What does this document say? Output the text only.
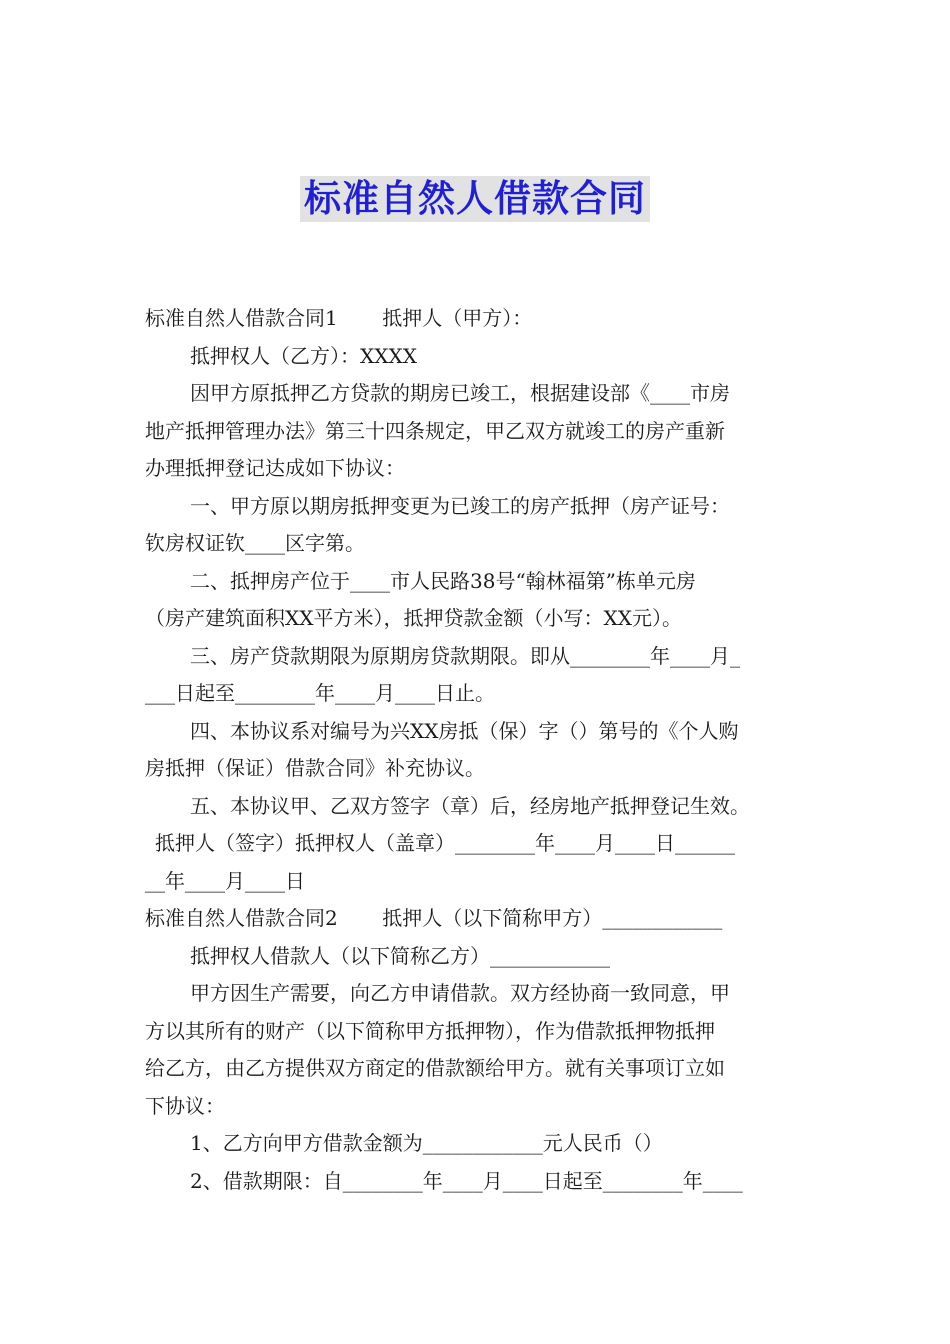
标准自然人借款合同
标准自然人借款合同1       抵押人（甲方）：
抵押权人（乙方）：XXXX
因甲方原抵押乙方贷款的期房已竣工，根据建设部《____市房
地产抵押管理办法》第三十四条规定，甲乙双方就竣工的房产重新
办理抵押登记达成如下协议：
一、甲方原以期房抵押变更为已竣工的房产抵押（房产证号：
钦房权证钦____区字第。
二、抵押房产位于____市人民路38号“翰林福第”栋单元房
（房产建筑面积XX平方米），抵押贷款金额（小写：XX元）。
三、房产贷款期限为原期房贷款期限。即从________年____月_
___日起至________年____月____日止。
四、本协议系对编号为兴XX房抵（保）字（）第号的《个人购
房抵押（保证）借款合同》补充协议。
五、本协议甲、乙双方签字（章）后，经房地产抵押登记生效。
抵押人（签字）抵押权人（盖章）________年____月____日______
__年____月____日
标准自然人借款合同2       抵押人（以下简称甲方）____________
抵押权人借款人（以下简称乙方）____________
甲方因生产需要，向乙方申请借款。双方经协商一致同意，甲
方以其所有的财产（以下简称甲方抵押物），作为借款抵押物抵押
给乙方，由乙方提供双方商定的借款额给甲方。就有关事项订立如
下协议：
1、乙方向甲方借款金额为____________元人民币（）
2、借款期限：自________年____月____日起至________年____
